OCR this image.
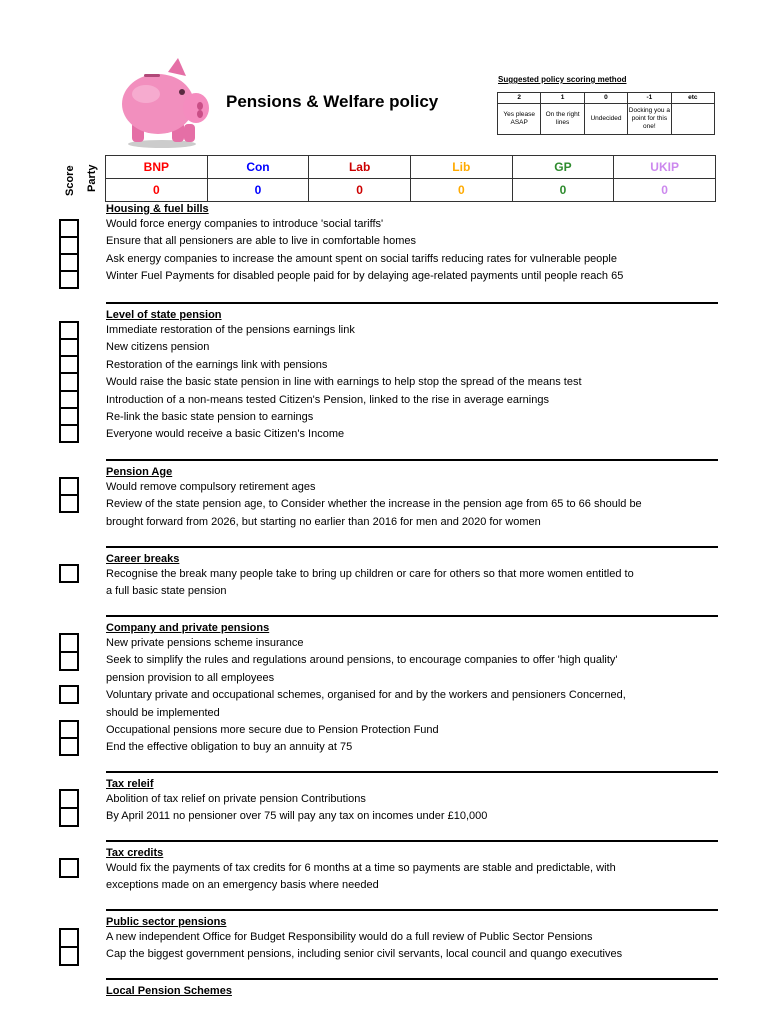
Pensions & Welfare policy
Suggested policy scoring method
2	1	0	-1	etc
Yes please ASAP	On the right lines	Undecided	Docking you a point for this one!	
Score Party	BNP	Con	Lab	Lib	GP	UKIP
0	0	0	0	0	0
Housing & fuel bills
Would force energy companies to introduce 'social tariffs'
Ensure that all pensioners are able to live in comfortable homes
Ask energy companies to increase the amount spent on social tariffs reducing rates for vulnerable people
Winter Fuel Payments for disabled people paid for by delaying age-related payments until people reach 65
Level of state pension
Immediate restoration of the pensions earnings link
New citizens pension
Restoration of the earnings link with pensions
Would raise the basic state pension in line with earnings to help stop the spread of the means test
Introduction of a non-means tested Citizen's Pension, linked to the rise in average earnings
Re-link the basic state pension to earnings
Everyone would receive a basic Citizen's Income
Pension Age
Would remove compulsory retirement ages
Review of the state pension age, to Consider whether the increase in the pension age from 65 to 66 should be
brought forward from 2026, but starting no earlier than 2016 for men and 2020 for women
Career breaks
Recognise the break many people take to bring up children or care for others so that more women entitled to
a full basic state pension
Company and private pensions
New private pensions scheme insurance
Seek to simplify the rules and regulations around pensions, to encourage companies to offer 'high quality'
pension provision to all employees
Voluntary private and occupational schemes, organised for and by the workers and pensioners Concerned,
should be implemented
Occupational pensions more secure due to Pension Protection Fund
End the effective obligation to buy an annuity at 75
Tax releif
Abolition of tax relief on private pension Contributions
By April 2011 no pensioner over 75 will pay any tax on incomes under £10,000
Tax credits
Would fix the payments of tax credits for 6 months at a time so payments are stable and predictable, with
exceptions made on an emergency basis where needed
Public sector pensions
A new independent Office for Budget Responsibility would do a full review of Public Sector Pensions
Cap the biggest government pensions, including senior civil servants, local council and quango executives
Local Pension Schemes
